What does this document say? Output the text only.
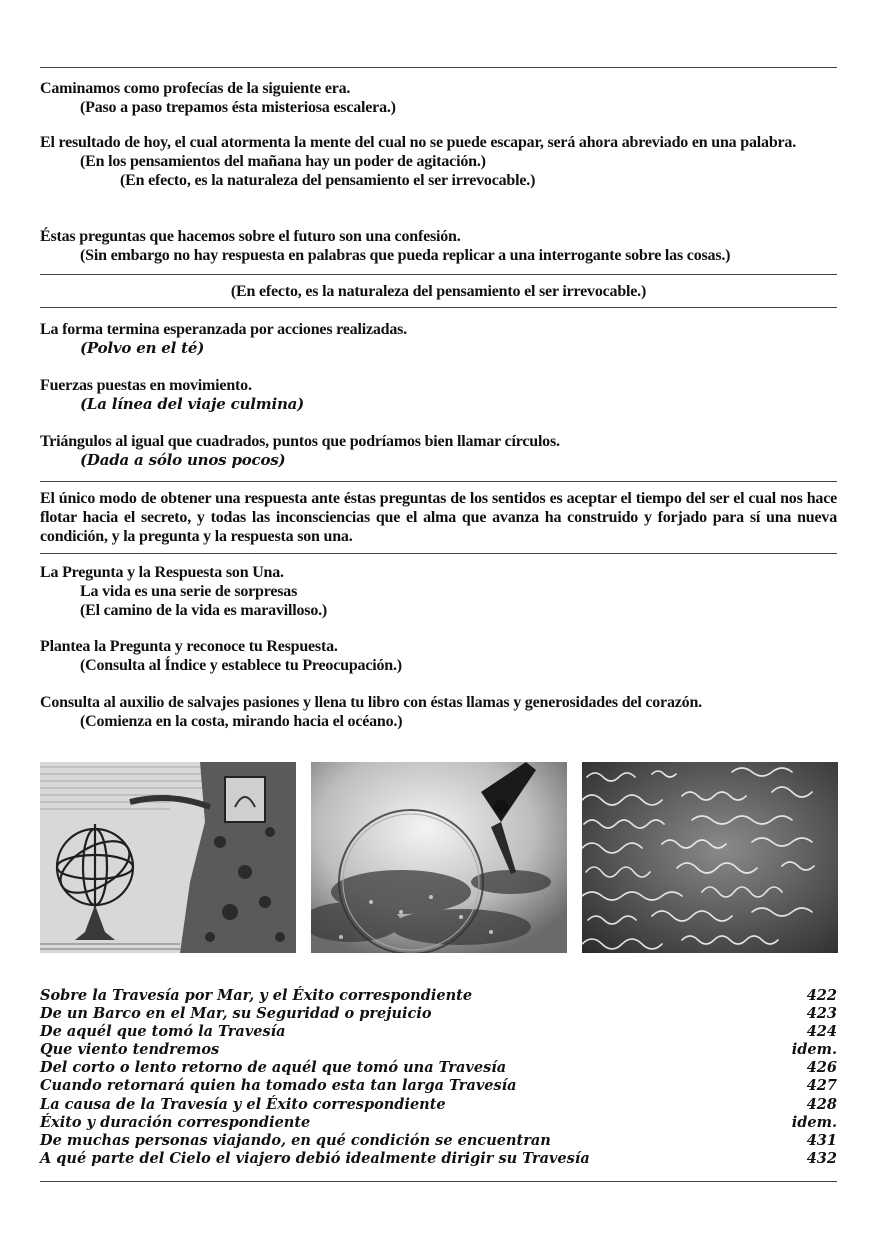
Caminamos como profecías de la siguiente era.

(Paso a paso trepamos ésta misteriosa escalera.)

El resultado de hoy, el cual atormenta la mente del cual no se puede escapar, será ahora abreviado en una palabra.

(En los pensamientos del mañana hay un poder de agitación.)

(En efecto, es la naturaleza del pensamiento el ser irrevocable.)

Éstas preguntas que hacemos sobre el futuro son una confesión.

(Sin embargo no hay respuesta en palabras que pueda replicar a una interrogante sobre las cosas.)

(En efecto, es la naturaleza del pensamiento el ser irrevocable.)

La forma termina esperanzada por acciones realizadas.

(Polvo en el té)

Fuerzas puestas en movimiento.

(La línea del viaje culmina)

Triángulos al igual que cuadrados, puntos que podríamos bien llamar círculos.

(Dada a sólo unos pocos)

El único modo de obtener una respuesta ante éstas preguntas de los sentidos es aceptar el tiempo del ser el cual nos hace flotar hacia el secreto, y todas las inconsciencias que el alma que avanza ha construido y forjado para sí una nueva condición, y la pregunta y la respuesta son una.

La Pregunta y la Respuesta son Una.

La vida es una serie de sorpresas

(El camino de la vida es maravilloso.)

Plantea la Pregunta y reconoce tu Respuesta.

(Consulta al Índice y establece tu Preocupación.)

Consulta al auxilio de salvajes pasiones y llena tu libro con éstas llamas y generosidades del corazón.

(Comienza en la costa, mirando hacia el océano.)

Sobre la Travesía por Mar, y el Éxito correspondiente	422
De un Barco en el Mar, su Seguridad o prejuicio	423
De aquél que tomó la Travesía	424
Que viento tendremos	idem.
Del corto o lento retorno de aquél que tomó una Travesía	426
Cuando retornará quien ha tomado esta tan larga Travesía	427
La causa de la Travesía y el Éxito correspondiente	428
Éxito y duración correspondiente	idem.
De muchas personas viajando, en qué condición se encuentran	431
A qué parte del Cielo el viajero debió idealmente dirigir su Travesía	432
